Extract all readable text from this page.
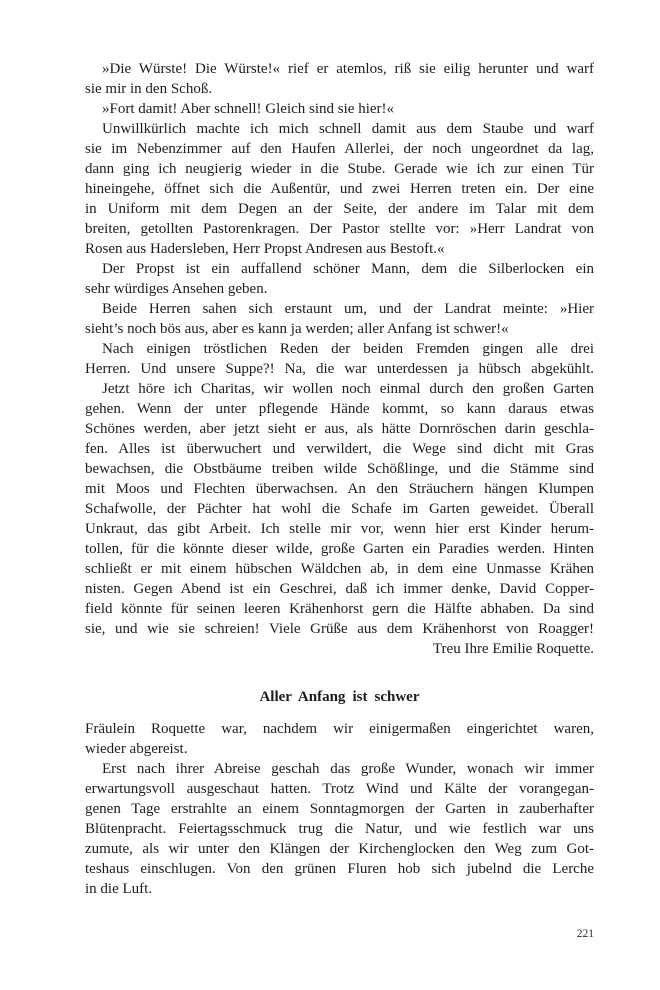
»Die Würste! Die Würste!« rief er atemlos, riß sie eilig herunter und warf
sie mir in den Schoß.
»Fort damit! Aber schnell! Gleich sind sie hier!«
Unwillkürlich machte ich mich schnell damit aus dem Staube und warf
sie im Nebenzimmer auf den Haufen Allerlei, der noch ungeordnet da lag,
dann ging ich neugierig wieder in die Stube. Gerade wie ich zur einen Tür
hineingehe, öffnet sich die Außentür, und zwei Herren treten ein. Der eine
in Uniform mit dem Degen an der Seite, der andere im Talar mit dem
breiten, getollten Pastorenkragen. Der Pastor stellte vor: »Herr Landrat von
Rosen aus Hadersleben, Herr Propst Andresen aus Bestoft.«
Der Propst ist ein auffallend schöner Mann, dem die Silberlocken ein
sehr würdiges Ansehen geben.
Beide Herren sahen sich erstaunt um, und der Landrat meinte: »Hier
sieht’s noch bös aus, aber es kann ja werden; aller Anfang ist schwer!«
Nach einigen tröstlichen Reden der beiden Fremden gingen alle drei
Herren. Und unsere Suppe?! Na, die war unterdessen ja hübsch abgekühlt.
Jetzt höre ich Charitas, wir wollen noch einmal durch den großen Garten
gehen. Wenn der unter pflegende Hände kommt, so kann daraus etwas
Schönes werden, aber jetzt sieht er aus, als hätte Dornröschen darin geschla-
fen. Alles ist überwuchert und verwildert, die Wege sind dicht mit Gras
bewachsen, die Obstbäume treiben wilde Schößlinge, und die Stämme sind
mit Moos und Flechten überwachsen. An den Sträuchern hängen Klumpen
Schafwolle, der Pächter hat wohl die Schafe im Garten geweidet. Überall
Unkraut, das gibt Arbeit. Ich stelle mir vor, wenn hier erst Kinder herum-
tollen, für die könnte dieser wilde, große Garten ein Paradies werden. Hinten
schließt er mit einem hübschen Wäldchen ab, in dem eine Unmasse Krähen
nisten. Gegen Abend ist ein Geschrei, daß ich immer denke, David Copper-
field könnte für seinen leeren Krähenhorst gern die Hälfte abhaben. Da sind
sie, und wie sie schreien! Viele Grüße aus dem Krähenhorst von Roagger!
Treu Ihre Emilie Roquette.
Aller Anfang ist schwer
Fräulein Roquette war, nachdem wir einigermaßen eingerichtet waren,
wieder abgereist.
Erst nach ihrer Abreise geschah das große Wunder, wonach wir immer
erwartungsvoll ausgeschaut hatten. Trotz Wind und Kälte der vorangegan-
genen Tage erstrahlte an einem Sonntagmorgen der Garten in zauberhafter
Blütenpracht. Feiertagsschmuck trug die Natur, und wie festlich war uns
zumute, als wir unter den Klängen der Kirchenglocken den Weg zum Got-
teshaus einschlugen. Von den grünen Fluren hob sich jubelnd die Lerche
in die Luft.
221
